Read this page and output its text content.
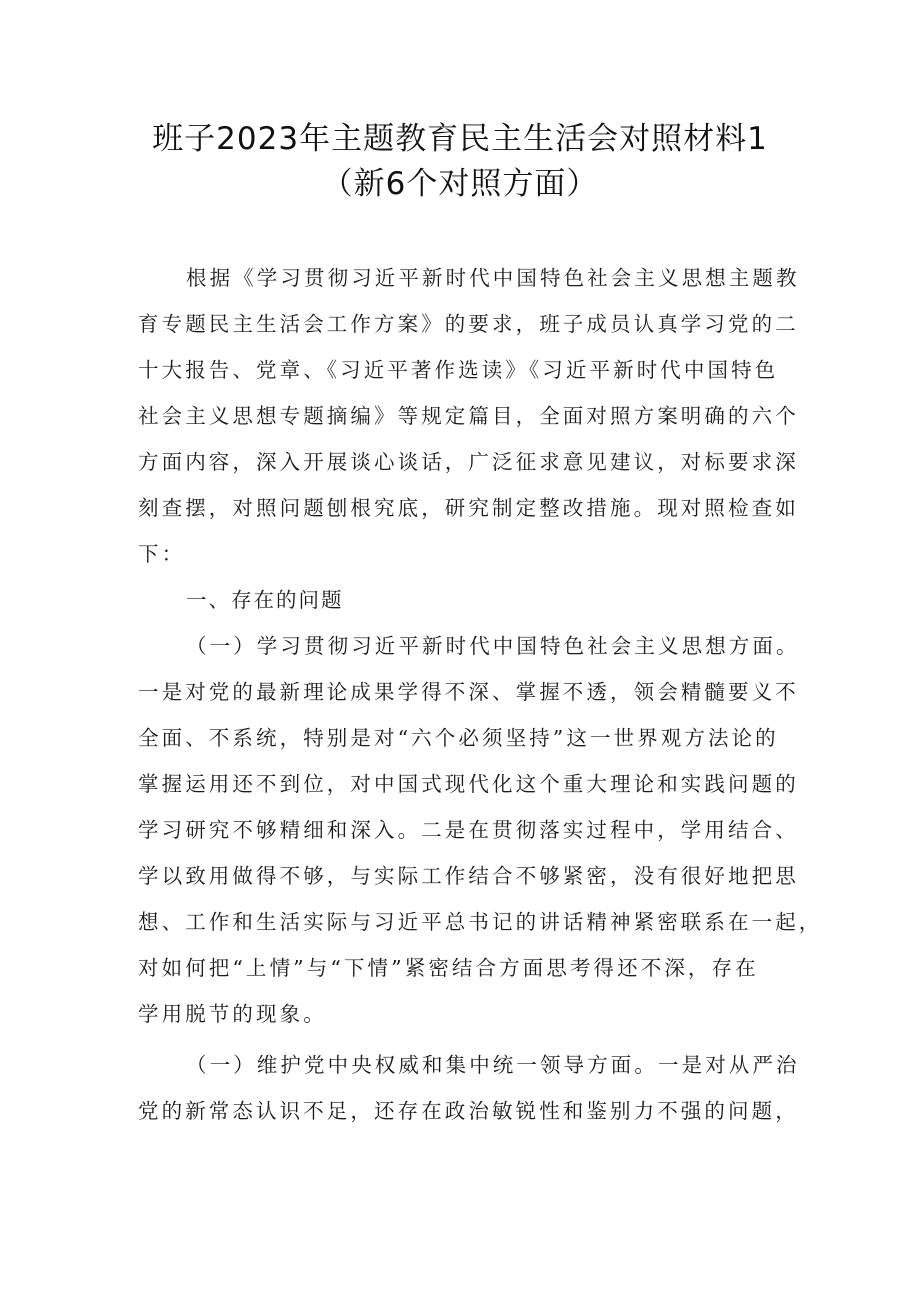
班子2023年主题教育民主生活会对照材料1
（新6个对照方面）
根据《学习贯彻习近平新时代中国特色社会主义思想主题教
育专题民主生活会工作方案》的要求，班子成员认真学习党的二
十大报告、党章、《习近平著作选读》《习近平新时代中国特色
社会主义思想专题摘编》等规定篇目，全面对照方案明确的六个
方面内容，深入开展谈心谈话，广泛征求意见建议，对标要求深
刻查摆，对照问题刨根究底，研究制定整改措施。现对照检查如
下：
一、存在的问题
（一）学习贯彻习近平新时代中国特色社会主义思想方面。
一是对党的最新理论成果学得不深、掌握不透，领会精髓要义不
全面、不系统，特别是对“六个必须坚持”这一世界观方法论的
掌握运用还不到位，对中国式现代化这个重大理论和实践问题的
学习研究不够精细和深入。二是在贯彻落实过程中，学用结合、
学以致用做得不够，与实际工作结合不够紧密，没有很好地把思
想、工作和生活实际与习近平总书记的讲话精神紧密联系在一起，
对如何把“上情”与“下情”紧密结合方面思考得还不深，存在
学用脱节的现象。
（一）维护党中央权威和集中统一领导方面。一是对从严治
党的新常态认识不足，还存在政治敏锐性和鉴别力不强的问题，
